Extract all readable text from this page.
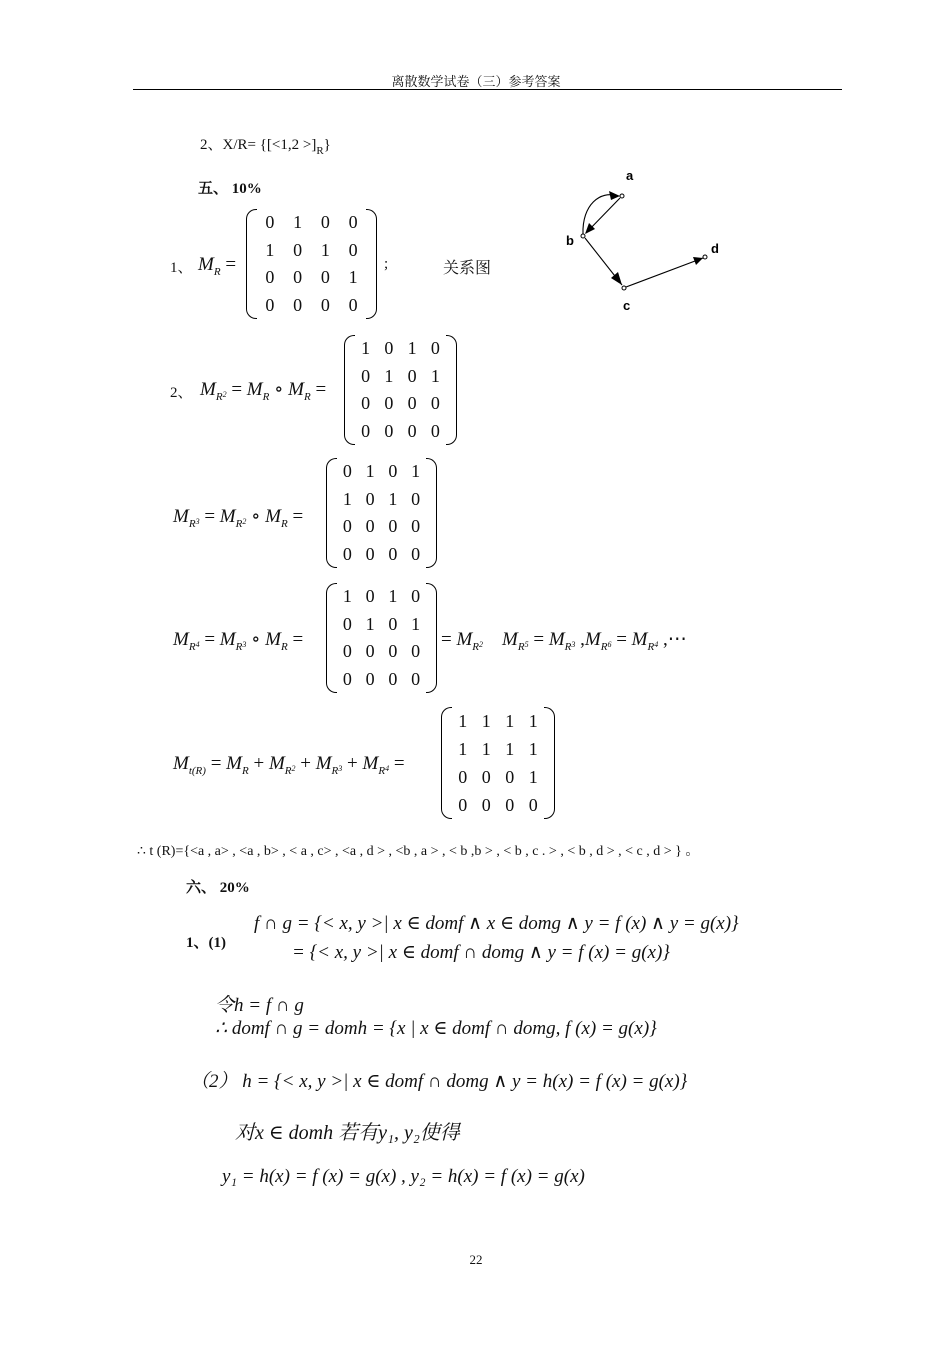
离散数学试卷（三）参考答案
2、$X/R= \{[<1,2 >]_R\}$
五、 10%
1、 $M_R$ =
0	1	0	0
1	0	1	0
0	0	0	1
0	0	0	0
;	关系图
a
b
c
d
2、 $M_{R^2} = M_R$ ∘ $M_R$ =
1	0	1	0
0	1	0	1
0	0	0	0
0	0	0	0
$M_{R^3} = M_{R^2}$ ∘ $M_R$ =
0	1	0	1
1	0	1	0
0	0	0	0
0	0	0	0
$M_{R^4} = M_{R^3}$ ∘ $M_R$ =
1	0	1	0
0	1	0	1
0	0	0	0
0	0	0	0
= $M_{R^2}$    $M_{R^5} = M_{R^3}$ $,M_{R^6} = M_{R^4}$ ,⋯
$M_{t(R)} = M_R + M_{R^2} + M_{R^3} + M_{R^4}$ =
1	1	1	1
1	1	1	1
0	0	0	1
0	0	0	0
∴ t (R)={<a , a> , <a , b> , < a , c> , <a , d > , <b , a > , < b ,b > , < b , c . > , < b , d > , < c , d > } 。
六、 20%
1、(1)
f ∩ g = {< x, y >| x ∈ domf ∧ x ∈ domg ∧ y = f (x) ∧ y = g(x)}
= {< x, y >| x ∈ domf ∩ domg ∧ y = f (x) = g(x)}
令h = f ∩ g
∴ domf ∩ g = domh = {x | x ∈ domf ∩ domg, f (x) = g(x)}
（2） h = {< x, y >| x ∈ domf ∩ domg ∧ y = h(x) = f (x) = g(x)}
对x ∈ domh 若有y₁, y₂使得
y₁ = h(x) = f (x) = g(x) , y₂ = h(x) = f (x) = g(x)
22
